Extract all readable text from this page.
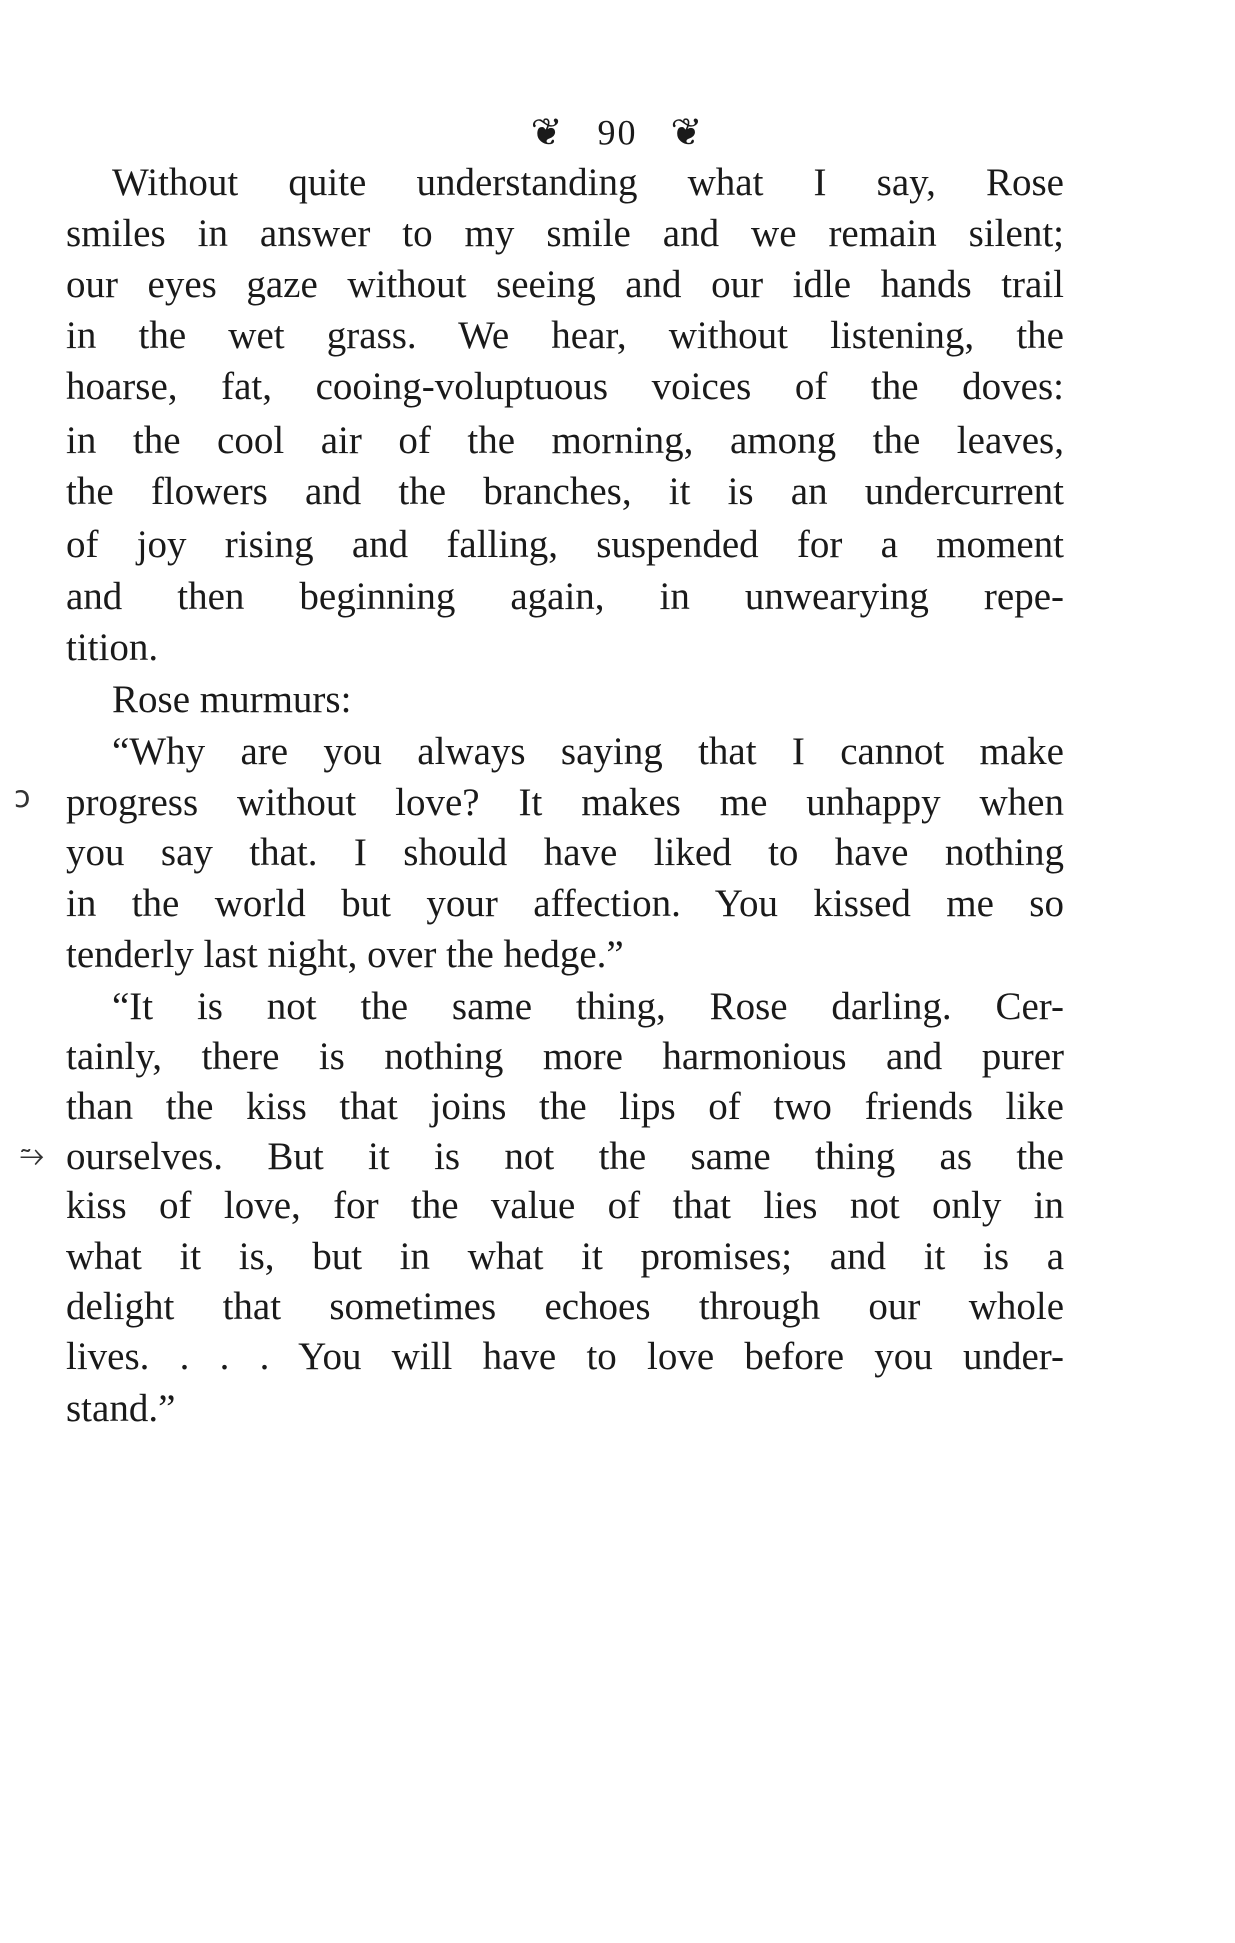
❦ 90 ❦
Without quite understanding what I say, Rose
smiles in answer to my smile and we remain silent;
our eyes gaze without seeing and our idle hands trail
in the wet grass. We hear, without listening, the
hoarse, fat, cooing-voluptuous voices of the doves:
in the cool air of the morning, among the leaves,
the flowers and the branches, it is an undercurrent
of joy rising and falling, suspended for a moment
and then beginning again, in unwearying repe-
tition.
Rose murmurs:
“Why are you always saying that I cannot make
progress without love? It makes me unhappy when
you say that. I should have liked to have nothing
in the world but your affection. You kissed me so
tenderly last night, over the hedge.”
“It is not the same thing, Rose darling. Cer-
tainly, there is nothing more harmonious and purer
than the kiss that joins the lips of two friends like
ourselves. But it is not the same thing as the
kiss of love, for the value of that lies not only in
what it is, but in what it promises; and it is a
delight that sometimes echoes through our whole
lives. . . . You will have to love before you under-
stand.”
ↄ
⥲
